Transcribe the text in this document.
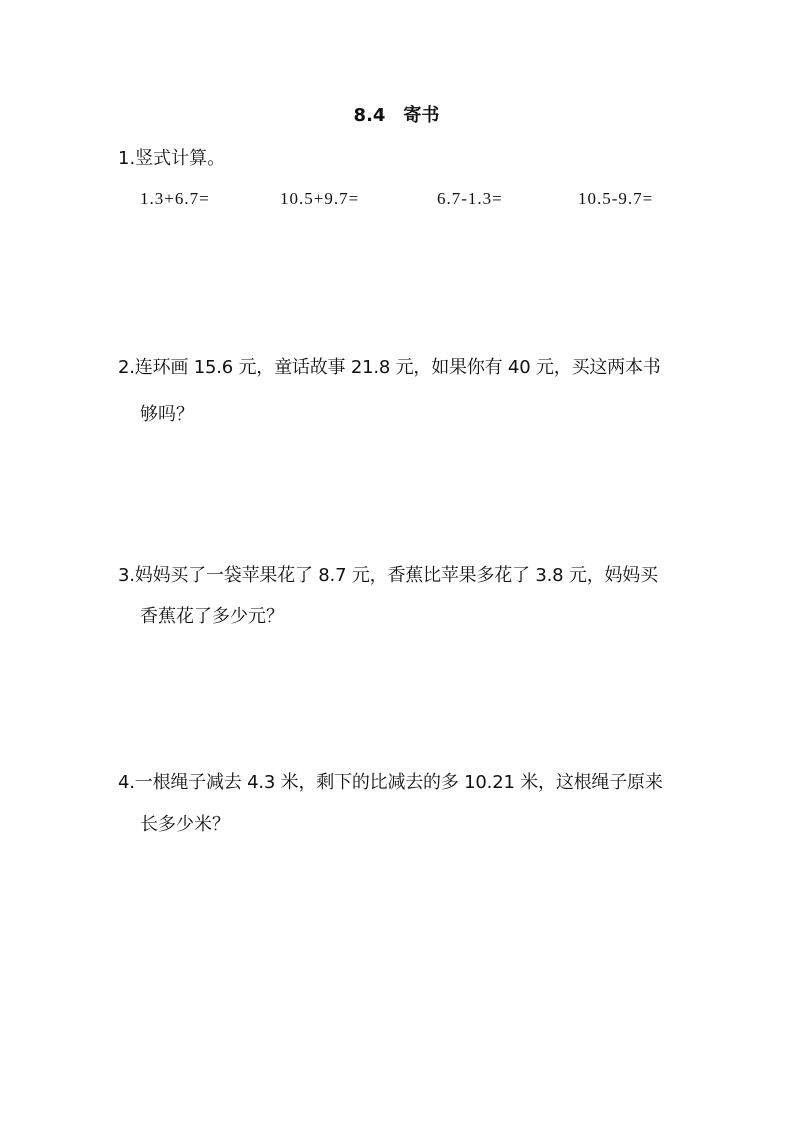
8.4　寄书
1.竖式计算。
1.3+6.7=	10.5+9.7=	6.7-1.3=	10.5-9.7=
2.连环画 15.6 元，童话故事 21.8 元，如果你有 40 元，买这两本书
够吗？
3.妈妈买了一袋苹果花了 8.7 元，香蕉比苹果多花了 3.8 元，妈妈买
香蕉花了多少元？
4.一根绳子减去 4.3 米，剩下的比减去的多 10.21 米，这根绳子原来
长多少米？
